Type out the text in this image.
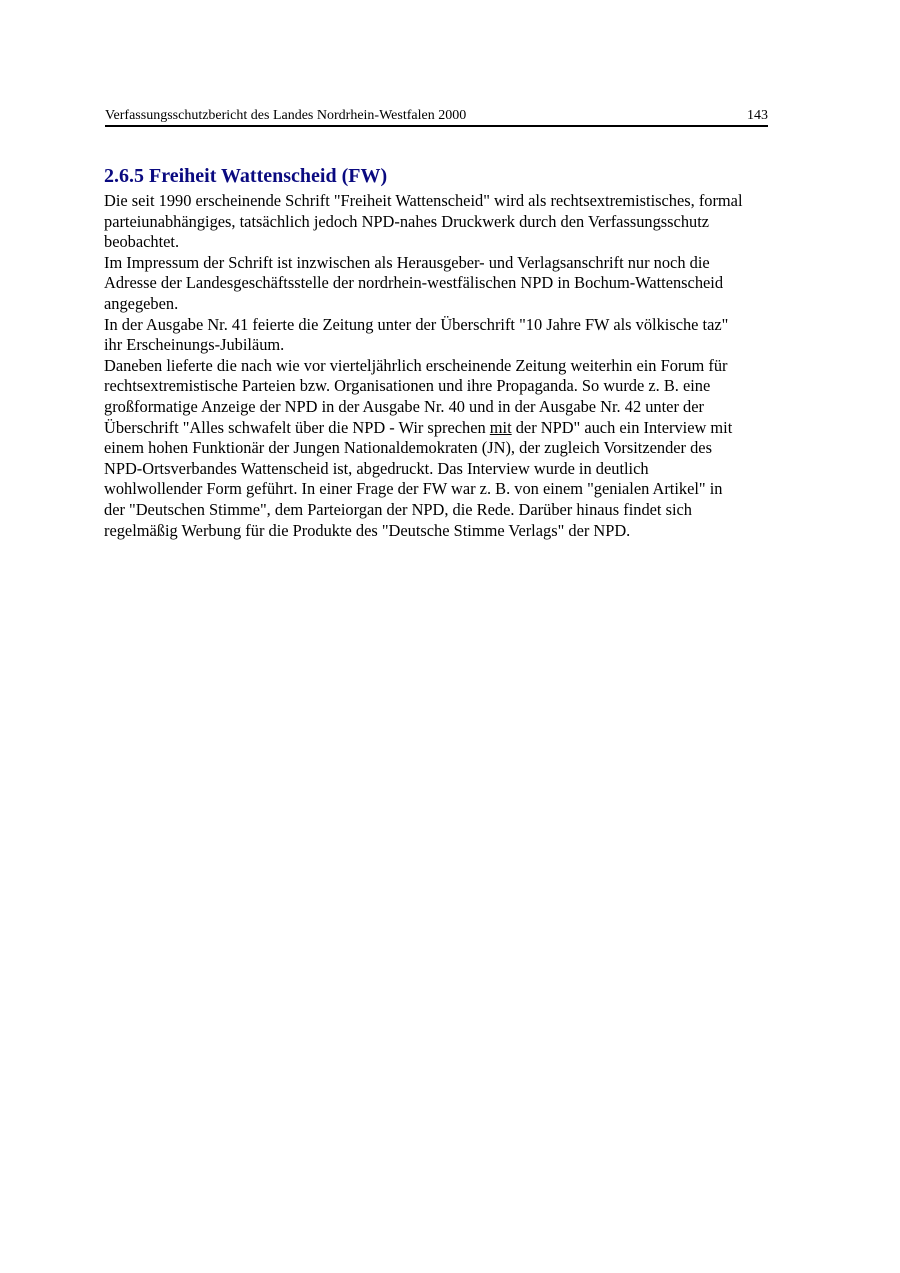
Verfassungsschutzbericht des Landes Nordrhein-Westfalen 2000	143
2.6.5 Freiheit Wattenscheid (FW)
Die seit 1990 erscheinende Schrift "Freiheit Wattenscheid" wird als rechtsextremistisches, formal
parteiunabhängiges, tatsächlich jedoch NPD-nahes Druckwerk durch den Verfassungsschutz
beobachtet.
Im Impressum der Schrift ist inzwischen als Herausgeber- und Verlagsanschrift nur noch die
Adresse der Landesgeschäftsstelle der nordrhein-westfälischen NPD in Bochum-Wattenscheid
angegeben.
In der Ausgabe Nr. 41 feierte die Zeitung unter der Überschrift "10 Jahre FW als völkische taz"
ihr Erscheinungs-Jubiläum.
Daneben lieferte die nach wie vor vierteljährlich erscheinende Zeitung weiterhin ein Forum für
rechtsextremistische Parteien bzw. Organisationen und ihre Propaganda. So wurde z. B. eine
großformatige Anzeige der NPD in der Ausgabe Nr. 40 und in der Ausgabe Nr. 42 unter der
Überschrift "Alles schwafelt über die NPD - Wir sprechen mit der NPD" auch ein Interview mit
einem hohen Funktionär der Jungen Nationaldemokraten (JN), der zugleich Vorsitzender des
NPD-Ortsverbandes Wattenscheid ist, abgedruckt. Das Interview wurde in deutlich
wohlwollender Form geführt. In einer Frage der FW war z. B. von einem "genialen Artikel" in
der "Deutschen Stimme", dem Parteiorgan der NPD, die Rede. Darüber hinaus findet sich
regelmäßig Werbung für die Produkte des "Deutsche Stimme Verlags" der NPD.
